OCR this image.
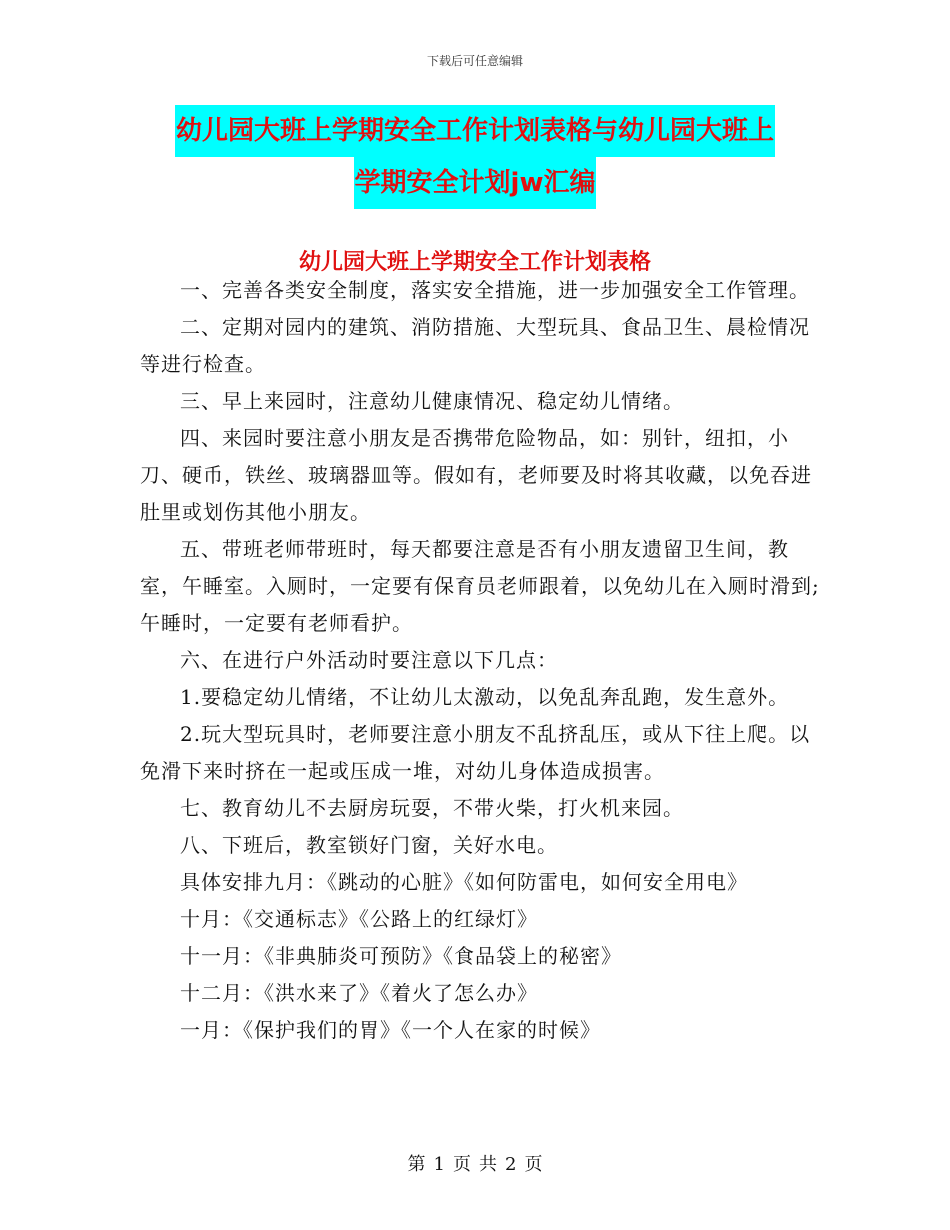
下载后可任意编辑
幼儿园大班上学期安全工作计划表格与幼儿园大班上
学期安全计划jw汇编
幼儿园大班上学期安全工作计划表格

一、完善各类安全制度，落实安全措施，进一步加强安全工作管理。

二、定期对园内的建筑、消防措施、大型玩具、食品卫生、晨检情况等进行检查。

三、早上来园时，注意幼儿健康情况、稳定幼儿情绪。

四、来园时要注意小朋友是否携带危险物品，如：别针，纽扣，小刀、硬币，铁丝、玻璃器皿等。假如有，老师要及时将其收藏，以免吞进肚里或划伤其他小朋友。

五、带班老师带班时，每天都要注意是否有小朋友遗留卫生间，教室，午睡室。入厕时，一定要有保育员老师跟着，以免幼儿在入厕时滑到;午睡时，一定要有老师看护。

六、在进行户外活动时要注意以下几点：

1.要稳定幼儿情绪，不让幼儿太激动，以免乱奔乱跑，发生意外。

2.玩大型玩具时，老师要注意小朋友不乱挤乱压，或从下往上爬。以免滑下来时挤在一起或压成一堆，对幼儿身体造成损害。

七、教育幼儿不去厨房玩耍，不带火柴，打火机来园。

八、下班后，教室锁好门窗，关好水电。

具体安排九月：《跳动的心脏》《如何防雷电，如何安全用电》

十月：《交通标志》《公路上的红绿灯》

十一月：《非典肺炎可预防》《食品袋上的秘密》

十二月：《洪水来了》《着火了怎么办》

一月：《保护我们的胃》《一个人在家的时候》

第 1 页 共 2 页
